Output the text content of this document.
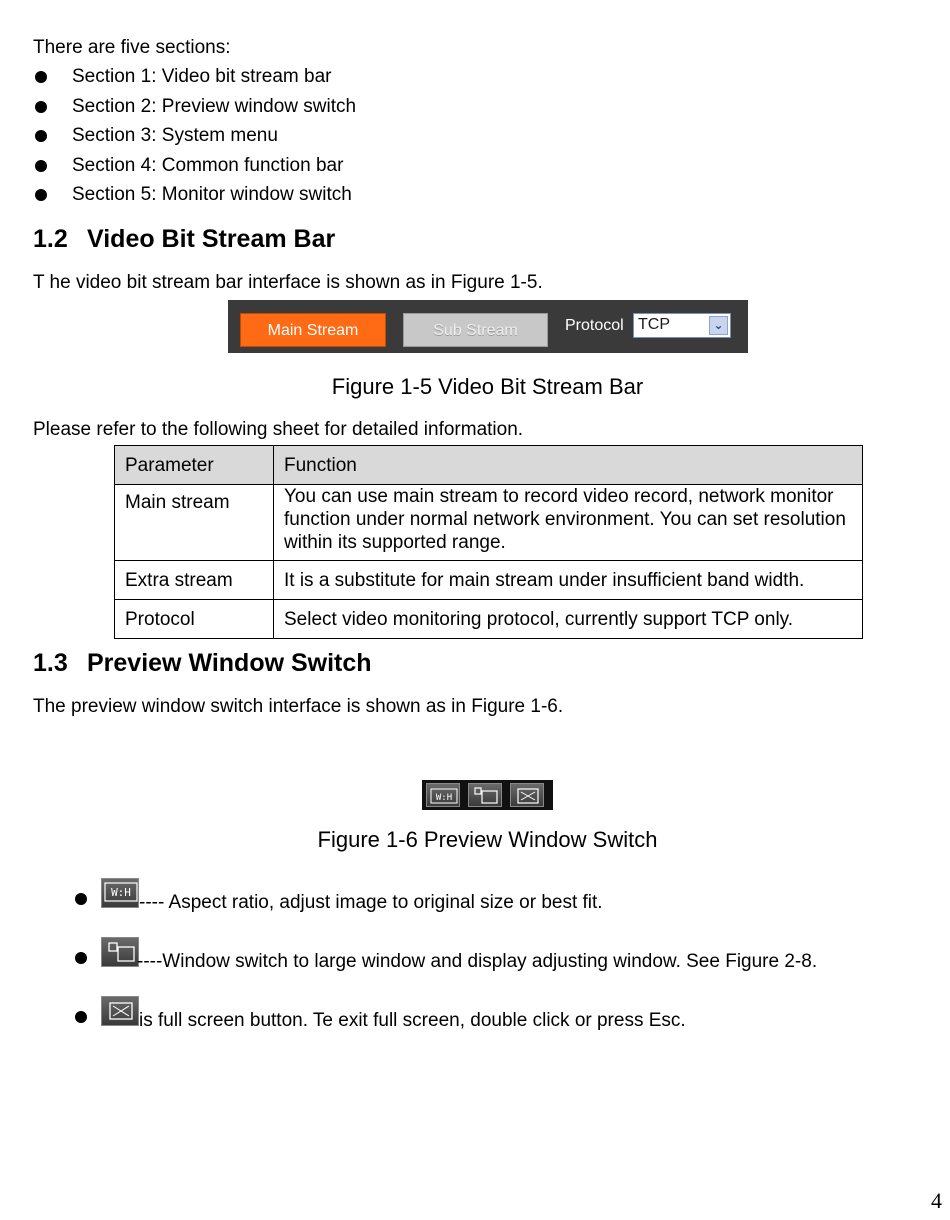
There are five sections:
Section 1: Video bit stream bar
Section 2: Preview window switch
Section 3: System menu
Section 4: Common function bar
Section 5: Monitor window switch
1.2 Video Bit Stream Bar
T he video bit stream bar interface is shown as in Figure 1-5.
Main Stream	Sub Stream	Protocol TCP	⌄
Figure 1-5 Video Bit Stream Bar
Please refer to the following sheet for detailed information.
Parameter	Function
Main stream	You can use main stream to record video record, network monitor function under normal network environment. You can set resolution within its supported range.
Extra stream	It is a substitute for main stream under insufficient band width.
Protocol	Select video monitoring protocol, currently support TCP only.
1.3 Preview Window Switch
The preview window switch interface is shown as in Figure 1-6.
W:H
Figure 1-6 Preview Window Switch
W:H ---- Aspect ratio, adjust image to original size or best fit.
----Window switch to large window and display adjusting window. See Figure 2-8.
is full screen button. Te exit full screen, double click or press Esc.
4
